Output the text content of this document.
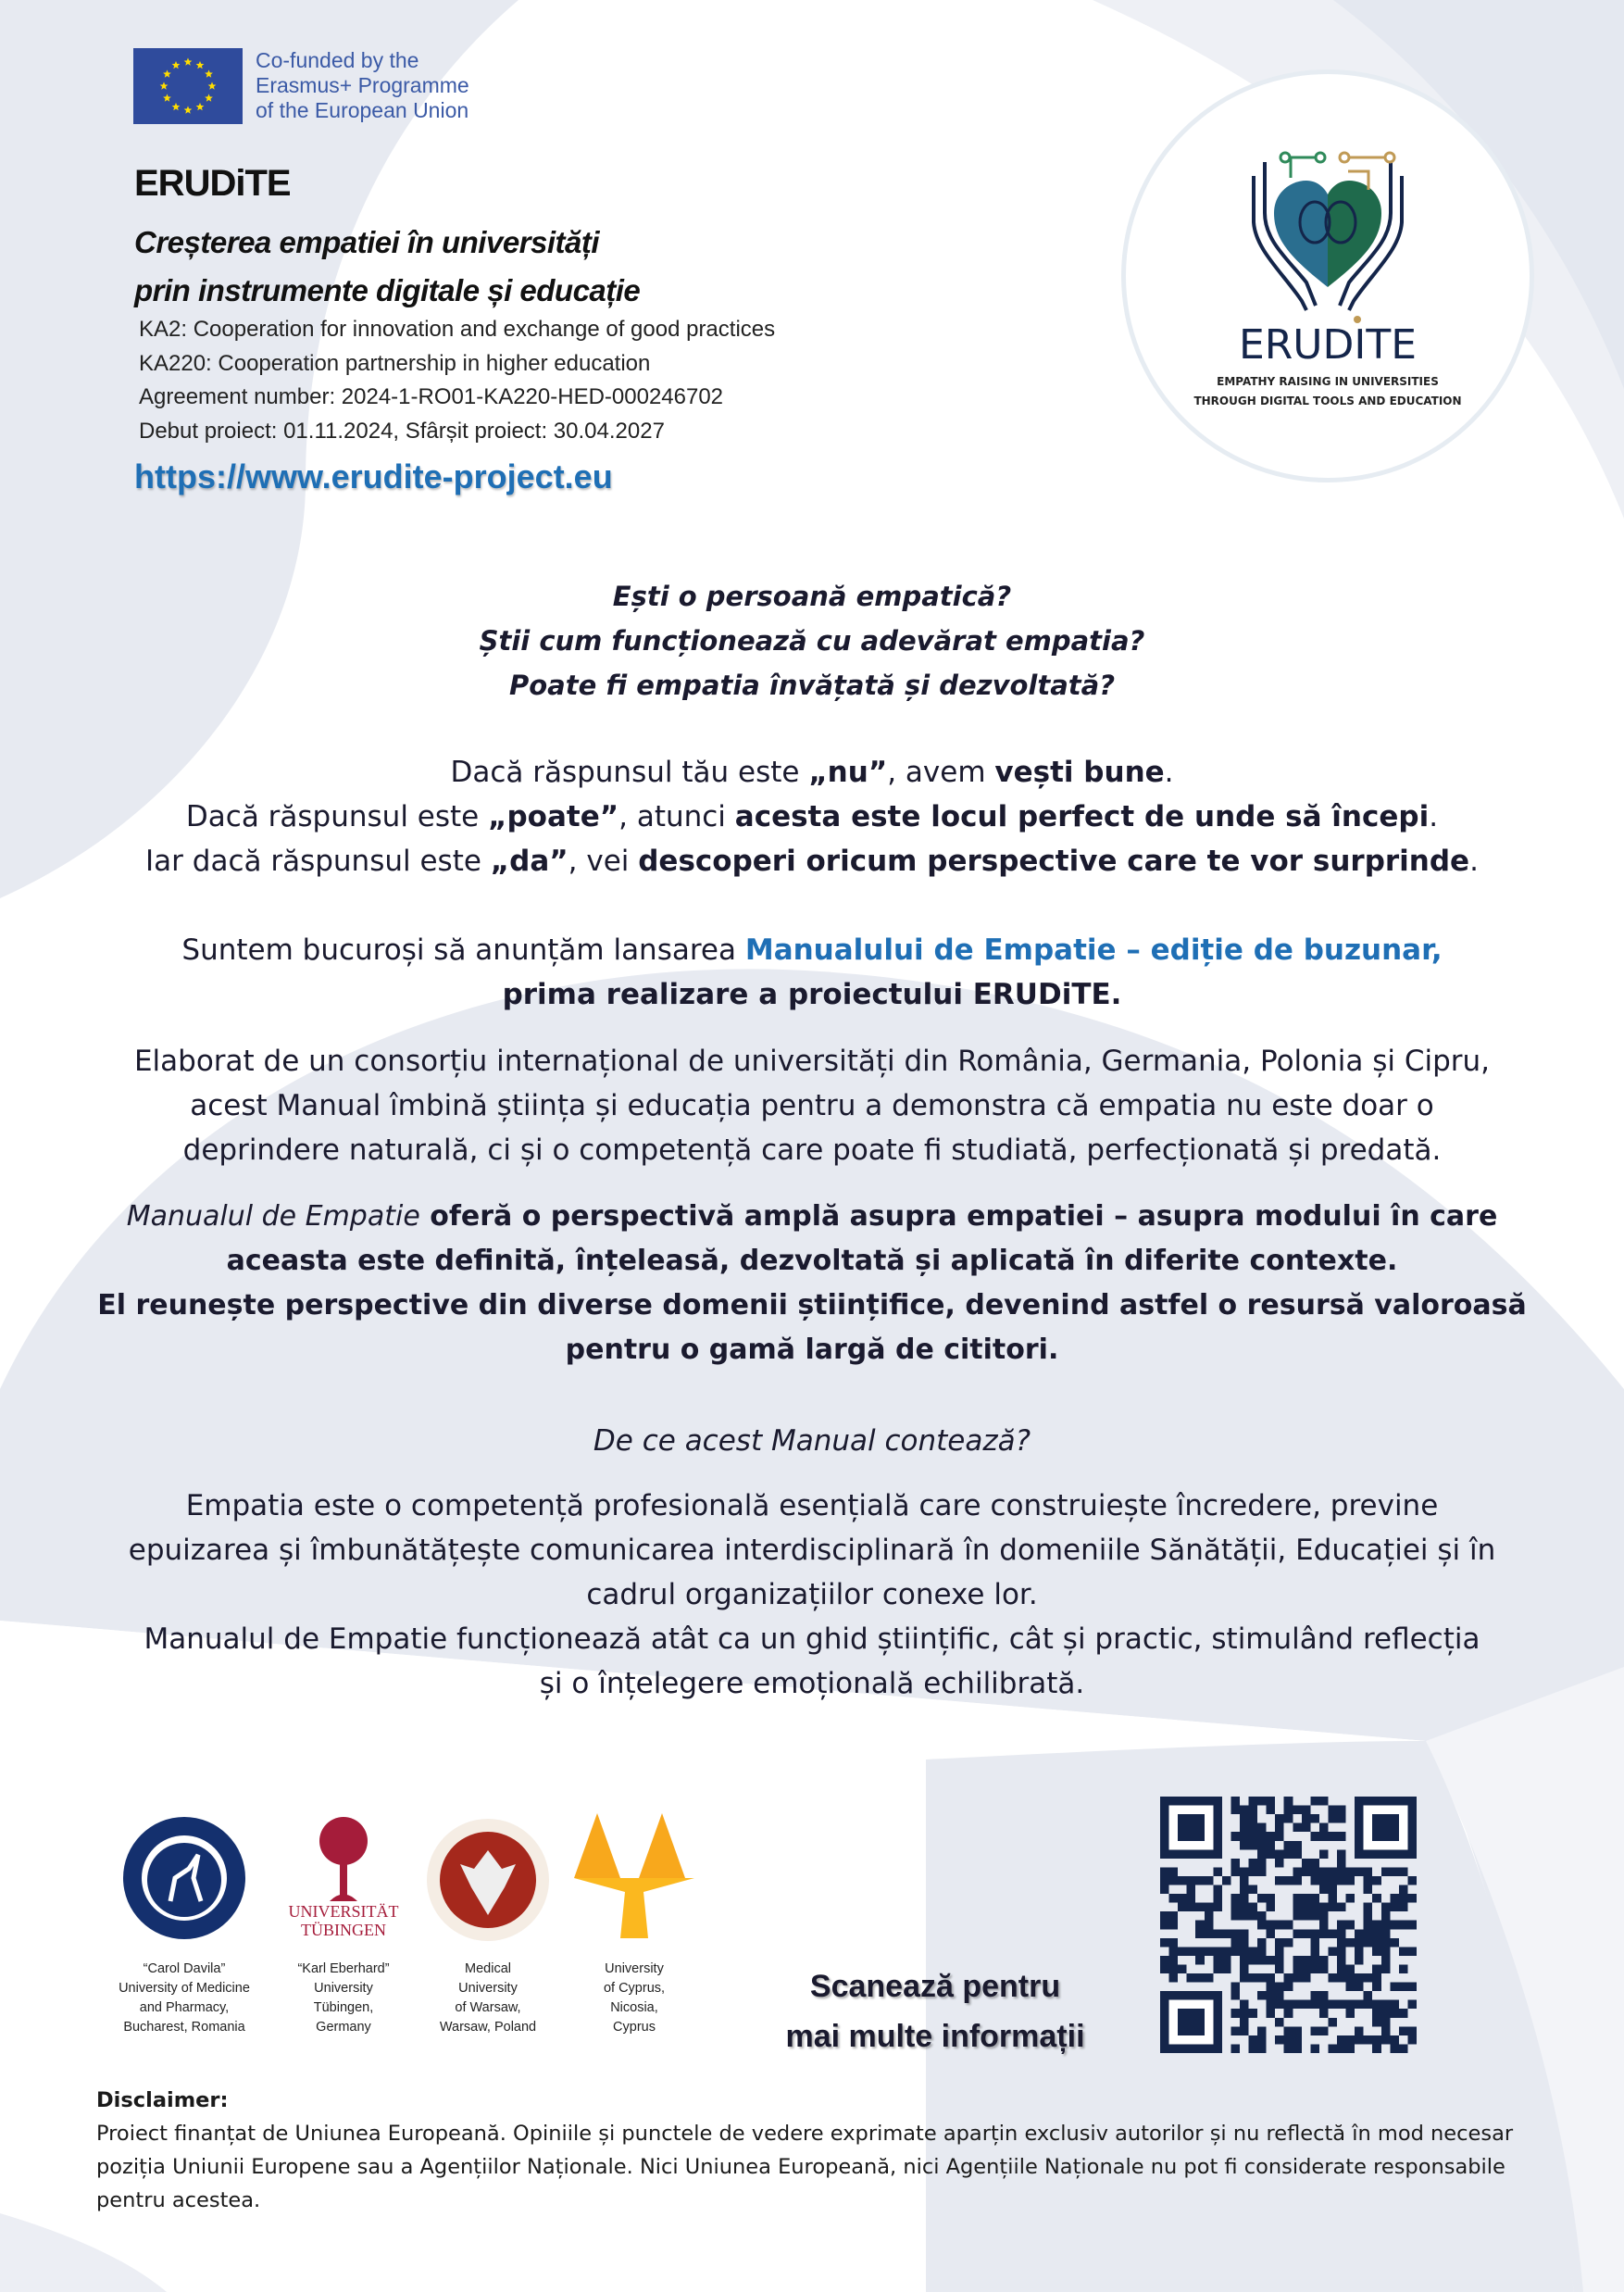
Co-funded by the
Erasmus+ Programme
of the European Union
ERUDiTE
Creșterea empatiei în universități
prin instrumente digitale și educație
KA2: Cooperation for innovation and exchange of good practices
KA220: Cooperation partnership in higher education
Agreement number: 2024-1-RO01-KA220-HED-000246702
Debut proiect: 01.11.2024, Sfârșit proiect: 30.04.2027
https://www.erudite-project.eu
ERUDITE
EMPATHY RAISING IN UNIVERSITIES
THROUGH DIGITAL TOOLS AND EDUCATION
Ești o persoană empatică?
Știi cum funcționează cu adevărat empatia?
Poate fi empatia învățată și dezvoltată?
Dacă răspunsul tău este „nu”, avem vești bune.
Dacă răspunsul este „poate”, atunci acesta este locul perfect de unde să începi.
Iar dacă răspunsul este „da”, vei descoperi oricum perspective care te vor surprinde.
Suntem bucuroși să anunțăm lansarea Manualului de Empatie – ediție de buzunar,
prima realizare a proiectului ERUDiTE.
Elaborat de un consorțiu internațional de universități din România, Germania, Polonia și Cipru,
acest Manual îmbină știința și educația pentru a demonstra că empatia nu este doar o
deprindere naturală, ci și o competență care poate fi studiată, perfecționată și predată.
Manualul de Empatie oferă o perspectivă amplă asupra empatiei – asupra modului în care
aceasta este definită, înțeleasă, dezvoltată și aplicată în diferite contexte.
El reunește perspective din diverse domenii științifice, devenind astfel o resursă valoroasă
pentru o gamă largă de cititori.
De ce acest Manual contează?
Empatia este o competență profesională esențială care construiește încredere, previne
epuizarea și îmbunătățește comunicarea interdisciplinară în domeniile Sănătății, Educației și în
cadrul organizațiilor conexe lor.
Manualul de Empatie funcționează atât ca un ghid științific, cât și practic, stimulând reflecția
și o înțelegere emoțională echilibrată.
“Carol Davila”
University of Medicine
and Pharmacy,
Bucharest, Romania
UNIVERSITÄT
TÜBINGEN
“Karl Eberhard”
University
Tübingen,
Germany
Medical
University
of Warsaw,
Warsaw, Poland
University
of Cyprus,
Nicosia,
Cyprus
Scanează pentru
mai multe informații
Disclaimer:
Proiect finanțat de Uniunea Europeană. Opiniile și punctele de vedere exprimate aparțin exclusiv autorilor și nu reflectă în mod necesar poziția Uniunii Europene sau a Agențiilor Naționale. Nici Uniunea Europeană, nici Agențiile Naționale nu pot fi considerate responsabile pentru acestea.
